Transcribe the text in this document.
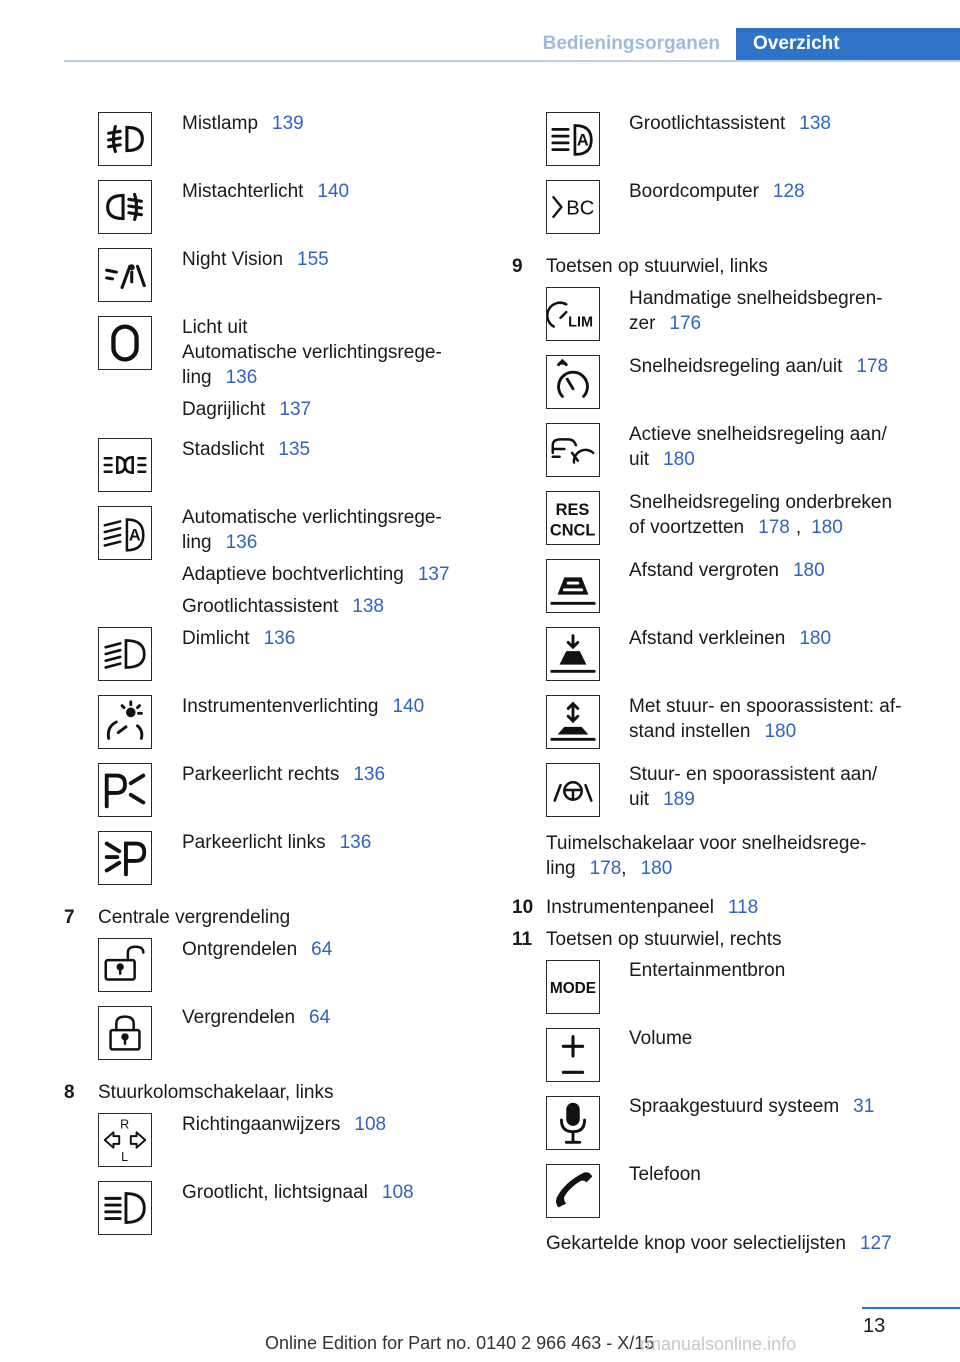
Bedieningsorganen	Overzicht
A
7 Centrale vergrendeling
8 Stuurkolomschakelaar, links
R
L
A
BC
9 Toetsen op stuurwiel, links
LIM
RES
CNCL
Tuimelschakelaar voor snelheidsrege-
ling 178, 180
10 Instrumentenpaneel 118
11 Toetsen op stuurwiel, rechts
MODE
Gekartelde knop voor selectielijsten 127
13
Online Edition for Part no. 0140 2 966 463 - X/15
rmanualsonline.info
Mistlamp 139
Mistachterlicht 140
Night Vision 155
Licht uit
Automatische verlichtingsrege-
ling 136
Dagrijlicht 137
Stadslicht 135
Automatische verlichtingsrege-
ling 136
Adaptieve bochtverlichting 137
Grootlichtassistent 138
Dimlicht 136
Instrumentenverlichting 140
Parkeerlicht rechts 136
Parkeerlicht links 136
Ontgrendelen 64
Vergrendelen 64
Richtingaanwijzers 108
Grootlicht, lichtsignaal 108
Grootlichtassistent 138
Boordcomputer 128
Handmatige snelheidsbegren-
zer 176
Snelheidsregeling aan/uit 178
Actieve snelheidsregeling aan/
uit 180
Snelheidsregeling onderbreken
of voortzetten 178 , 180
Afstand vergroten 180
Afstand verkleinen 180
Met stuur- en spoorassistent: af-
stand instellen 180
Stuur- en spoorassistent aan/
uit 189
Entertainmentbron
Volume
Spraakgestuurd systeem 31
Telefoon
